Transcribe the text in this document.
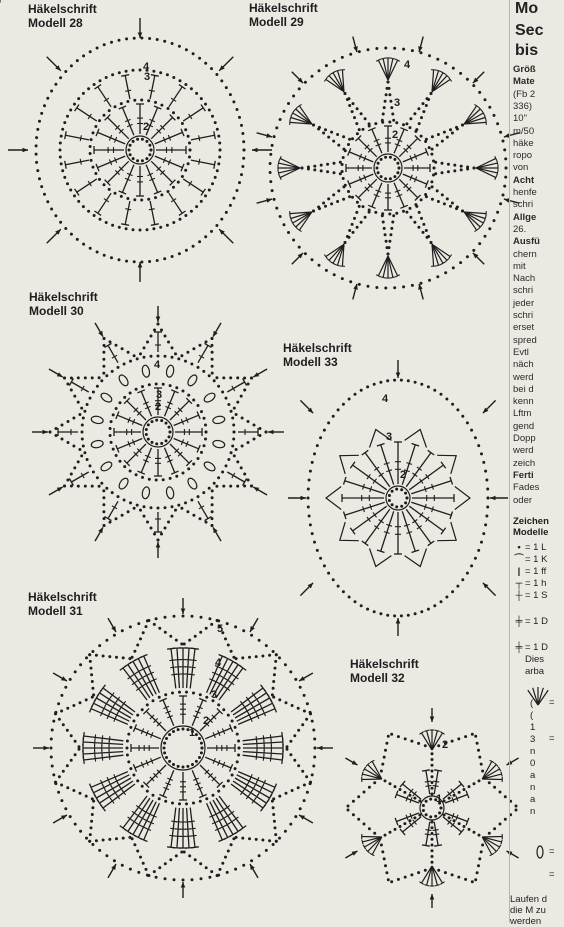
2
3
4
2
3
4
2
3
4
2
3
4
1
2
3
4
5
1
2
Häkelschrift
Modell 28
Häkelschrift
Modell 29
Häkelschrift
Modell 30
Häkelschrift
Modell 33
Häkelschrift
Modell 31
Häkelschrift
Modell 32
Mo
Sec
bis
Größ
Mate
(Fb 2
336)
10"
m/50
häke
ropo
von
Acht
henfe
schri
Allge
26.
Ausfü
chern
mit
Nach
schri
jeder
schri
erset
spred
Evtl
näch
werd
bei d
kenn
Lftm
gend
Dopp
werd
zeich
Ferti
Fades
oder
Zeichen
Modelle
• = 1 L
⌒= 1 K
| = 1 ff
┬ = 1 h
┼ = 1 S
╪ = 1 D
╪ = 1 D
Dies
arba
(
(
1
3
n
0
a
n
a
n
Laufen d
die M zu
werden
=
=
=
=
